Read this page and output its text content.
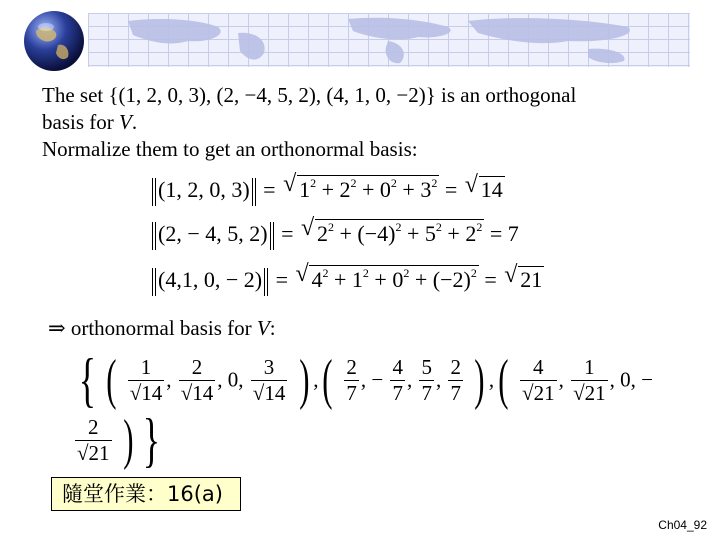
The set {(1, 2, 0, 3), (2, −4, 5, 2), (4, 1, 0, −2)} is an orthogonal
basis for V.
Normalize them to get an orthonormal basis:
(1, 2, 0, 3) = √ $1^2 + 2^2 + 0^2 + 3^2$ = √ 14
(2, − 4, 5, 2) = √ $2^2 + (-4)^2 + 5^2 + 2^2 = 7$
(4,1, 0, − 2) = √ $4^2 + 1^2 + 0^2 + (-2)^2$ = √ 21
⇒ orthonormal basis for V:
{ ( $\frac{1}{√14}$ , $\frac{2}{√14}$ , 0, $\frac{3}{√14}$ ) ,( $\frac{2}{7}$ , − $\frac{4}{7}$ , $\frac{5}{7}$ , $\frac{2}{7}$ ) ,( $\frac{4}{√21}$ , $\frac{1}{√21}$ , 0, −
$\frac{2}{√21}$ ) }
隨堂作業：16(a)
Ch04_92
